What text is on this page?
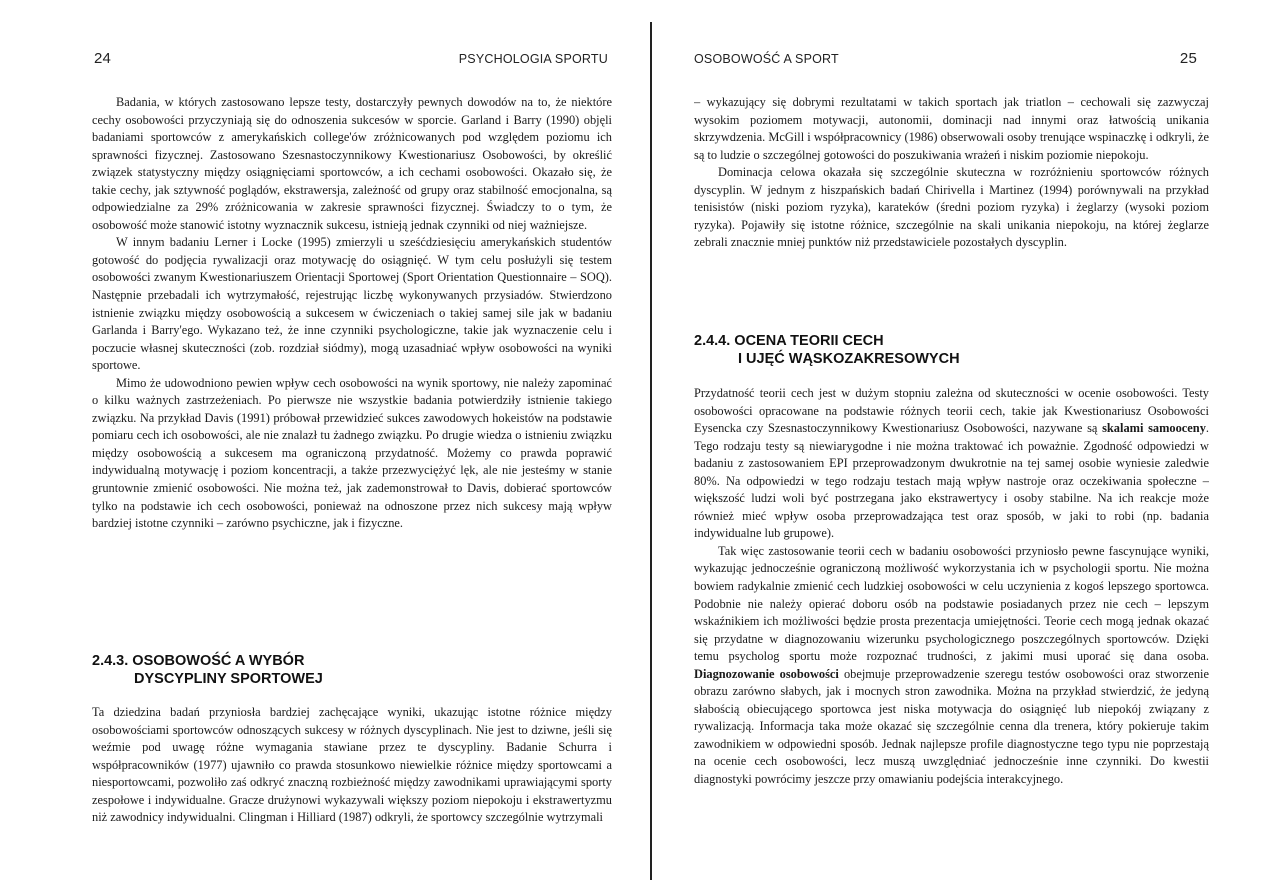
24	PSYCHOLOGIA SPORTU

Badania, w których zastosowano lepsze testy, dostarczyły pewnych dowodów na to, że niektóre cechy osobowości przyczyniają się do odnoszenia sukcesów w sporcie. Garland i Barry (1990) objęli badaniami sportowców z amerykańskich college'ów zróżnicowanych pod względem poziomu ich sprawności fizycznej. Zastosowano Szesnastoczynnikowy Kwestionariusz Osobowości, by określić związek statystyczny między osiągnięciami sportowców, a ich cechami osobowości. Okazało się, że takie cechy, jak sztywność poglądów, ekstrawersja, zależność od grupy oraz stabilność emocjonalna, są odpowiedzialne za 29% zróżnicowania w zakresie sprawności fizycznej. Świadczy to o tym, że osobowość może stanowić istotny wyznacznik sukcesu, istnieją jednak czynniki od niej ważniejsze.

W innym badaniu Lerner i Locke (1995) zmierzyli u sześćdziesięciu amerykańskich studentów gotowość do podjęcia rywalizacji oraz motywację do osiągnięć. W tym celu posłużyli się testem osobowości zwanym Kwestionariuszem Orientacji Sportowej (Sport Orientation Questionnaire – SOQ). Następnie przebadali ich wytrzymałość, rejestrując liczbę wykonywanych przysiadów. Stwierdzono istnienie związku między osobowością a sukcesem w ćwiczeniach o takiej samej sile jak w badaniu Garlanda i Barry'ego. Wykazano też, że inne czynniki psychologiczne, takie jak wyznaczenie celu i poczucie własnej skuteczności (zob. rozdział siódmy), mogą uzasadniać wpływ osobowości na wyniki sportowe.

Mimo że udowodniono pewien wpływ cech osobowości na wynik sportowy, nie należy zapominać o kilku ważnych zastrzeżeniach. Po pierwsze nie wszystkie badania potwierdziły istnienie takiego związku. Na przykład Davis (1991) próbował przewidzieć sukces zawodowych hokeistów na podstawie pomiaru cech ich osobowości, ale nie znalazł tu żadnego związku. Po drugie wiedza o istnieniu związku między osobowością a sukcesem ma ograniczoną przydatność. Możemy co prawda poprawić indywidualną motywację i poziom koncentracji, a także przezwyciężyć lęk, ale nie jesteśmy w stanie gruntownie zmienić osobowości. Nie można też, jak zademonstrował to Davis, dobierać sportowców tylko na podstawie ich cech osobowości, ponieważ na odnoszone przez nich sukcesy mają wpływ bardziej istotne czynniki – zarówno psychiczne, jak i fizyczne.

2.4.3. OSOBOWOŚĆ A WYBÓR
DYSCYPLINY SPORTOWEJ

Ta dziedzina badań przyniosła bardziej zachęcające wyniki, ukazując istotne różnice między osobowościami sportowców odnoszących sukcesy w różnych dyscyplinach. Nie jest to dziwne, jeśli się weźmie pod uwagę różne wymagania stawiane przez te dyscypliny. Badanie Schurra i współpracowników (1977) ujawniło co prawda stosunkowo niewielkie różnice między sportowcami a niesportowcami, pozwoliło zaś odkryć znaczną rozbieżność między zawodnikami uprawiającymi sporty zespołowe i indywidualne. Gracze drużynowi wykazywali większy poziom niepokoju i ekstrawertyzmu niż zawodnicy indywidualni. Clingman i Hilliard (1987) odkryli, że sportowcy szczególnie wytrzymali

OSOBOWOŚĆ A SPORT	25

– wykazujący się dobrymi rezultatami w takich sportach jak triatlon – cechowali się zazwyczaj wysokim poziomem motywacji, autonomii, dominacji nad innymi oraz łatwością unikania skrzywdzenia. McGill i współpracownicy (1986) obserwowali osoby trenujące wspinaczkę i odkryli, że są to ludzie o szczególnej gotowości do poszukiwania wrażeń i niskim poziomie niepokoju.

Dominacja celowa okazała się szczególnie skuteczna w rozróżnieniu sportowców różnych dyscyplin. W jednym z hiszpańskich badań Chirivella i Martinez (1994) porównywali na przykład tenisistów (niski poziom ryzyka), karateków (średni poziom ryzyka) i żeglarzy (wysoki poziom ryzyka). Pojawiły się istotne różnice, szczególnie na skali unikania niepokoju, na której żeglarze zebrali znacznie mniej punktów niż przedstawiciele pozostałych dyscyplin.

2.4.4. OCENA TEORII CECH
I UJĘĆ WĄSKOZAKRESOWYCH

Przydatność teorii cech jest w dużym stopniu zależna od skuteczności w ocenie osobowości. Testy osobowości opracowane na podstawie różnych teorii cech, takie jak Kwestionariusz Osobowości Eysencka czy Szesnastoczynnikowy Kwestionariusz Osobowości, nazywane są skalami samooceny. Tego rodzaju testy są niewiarygodne i nie można traktować ich poważnie. Zgodność odpowiedzi w badaniu z zastosowaniem EPI przeprowadzonym dwukrotnie na tej samej osobie wyniesie zaledwie 80%. Na odpowiedzi w tego rodzaju testach mają wpływ nastroje oraz oczekiwania społeczne – większość ludzi woli być postrzegana jako ekstrawertycy i osoby stabilne. Na ich reakcje może również mieć wpływ osoba przeprowadzająca test oraz sposób, w jaki to robi (np. badania indywidualne lub grupowe).

Tak więc zastosowanie teorii cech w badaniu osobowości przyniosło pewne fascynujące wyniki, wykazując jednocześnie ograniczoną możliwość wykorzystania ich w psychologii sportu. Nie można bowiem radykalnie zmienić cech ludzkiej osobowości w celu uczynienia z kogoś lepszego sportowca. Podobnie nie należy opierać doboru osób na podstawie posiadanych przez nie cech – lepszym wskaźnikiem ich możliwości będzie prosta prezentacja umiejętności. Teorie cech mogą jednak okazać się przydatne w diagnozowaniu wizerunku psychologicznego poszczególnych sportowców. Dzięki temu psycholog sportu może rozpoznać trudności, z jakimi musi uporać się dana osoba. Diagnozowanie osobowości obejmuje przeprowadzenie szeregu testów osobowości oraz stworzenie obrazu zarówno słabych, jak i mocnych stron zawodnika. Można na przykład stwierdzić, że jedyną słabością obiecującego sportowca jest niska motywacja do osiągnięć lub niepokój związany z rywalizacją. Informacja taka może okazać się szczególnie cenna dla trenera, który pokieruje takim zawodnikiem w odpowiedni sposób. Jednak najlepsze profile diagnostyczne tego typu nie poprzestają na ocenie cech osobowości, lecz muszą uwzględniać jednocześnie inne czynniki. Do kwestii diagnostyki powrócimy jeszcze przy omawianiu podejścia interakcyjnego.
